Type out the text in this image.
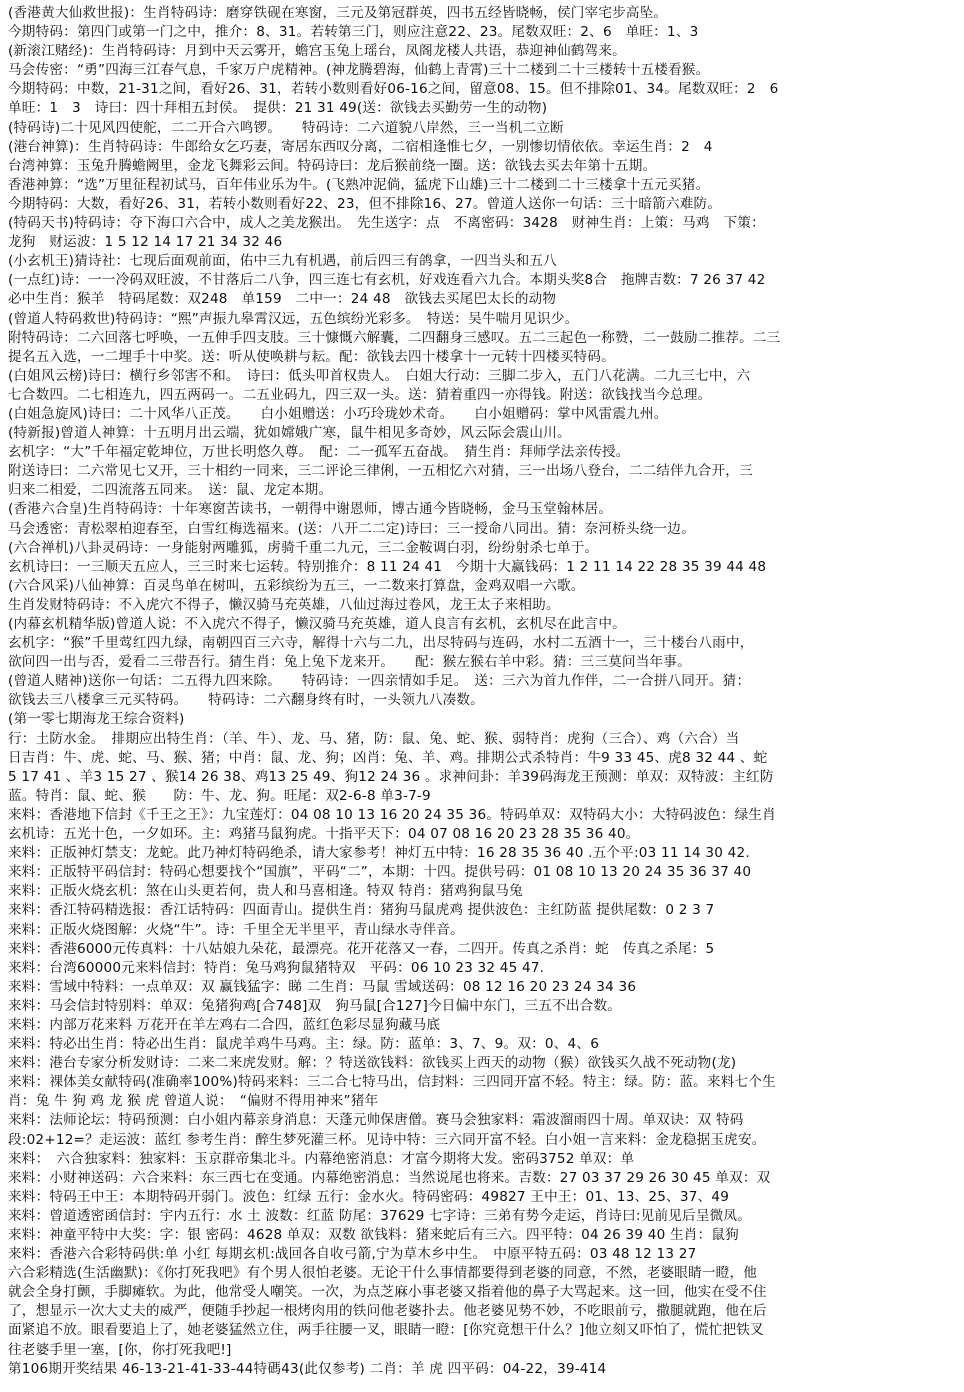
(香港黄大仙救世报)：生肖特码诗：磨穿铁砚在寒窗，三元及第冠群英，四书五经皆晓畅，侯门宰宅步高坠。
今期特码：第四门或第一门之中，推介：8、31。若转第三门，则应注意22、23。尾数双旺：2、6　单旺：1、3
(新滚江赌经)：生肖特码诗：月到中天云雾开，蟾宫玉兔上瑶台，凤阁龙楼人共语，恭迎神仙鹤驾来。
马会传密：“勇”四海三江春气息，千家万户虎精神。(神龙腾碧海，仙鹤上青霄)三十二楼到二十三楼转十五楼看猴。
今期特码：中数，21-31之间，看好26、31，若转小数则看好06-16之间，留意08、15。但不排除01、34。尾数双旺：2　6
单旺：1　3　诗曰：四十拜相五封侯。　提供：21 31 49(送：欲钱去买勤劳一生的动物)
(特码诗)二十见风四使舵，二二开合六鸣锣。　　特码诗：二六道貌八岸然，三一当机二立断
(港台神算)：生肖特码诗：牛郎给女乞巧妻，寄居东西叹分离，二宿相逢惟七夕，一别惨切情依依。幸运生肖：2　4
台湾神算：玉兔升腾蟾阙里，金龙飞舞彩云间。特码诗曰：龙后猴前绕一圈。送：欲钱去买去年第十五期。
香港神算：“选”万里征程初试马，百年伟业乐为牛。(飞熟冲泥倘，猛虎下山雄)三十二楼到二十三楼拿十五元买猪。
今期特码：大数，看好26、31，若转小数则看好22、23，但不排除16、27。曾道人送你一句话：三十暗箭六难防。
(特码天书)特码诗：夺下海口六合中，成人之美龙猴出。　先生送字：点　不离密码：3428　财神生肖：上策：马鸡　下策：
龙狗　财运波：1 5 12 14 17 21 34 32 46
(小玄机王)猜诗社：七现后面观前面，佑中三九有机遇，前后四三有鸽拿，一四当头和五八
(一点红)诗：一一冷码双旺波，不甘落后二八争，四三连七有玄机，好戏连看六九合。本期头奖8合　拖牌吉数：7 26 37 42
必中生肖：猴羊　特码尾数：双248　单159　二中一：24 48　欲钱去买尾巴太长的动物
(曾道人特码救世)特码诗：“熙”声振九皋霄汉远，五色缤纷光彩多。　特送：吴牛喘月见识少。
附特码诗：二六回落七呼唤，一五伸手四支肢。三十慷慨六解囊，二四翻身三感叹。五二三起色一称赞，二一鼓励二推荐。二三
提名五入选，一二埋手十中奖。送：听从使唤耕与耘。配：欲钱去四十楼拿十一元转十四楼买特码。
(白姐风云榜)诗曰：横行乡邻害不和。　诗曰：低头叩首权贵人。　白姐大行动：三脚二步入，五门八花满。二九三七中，六
七合数四。二七相连九，四五两码一。二五业码九，四三双一头。送：猜着重四一亦得钱。附送：欲钱找当今总理。
(白姐急旋风)诗曰：二十风华八正茂。　　白小姐赠送：小巧玲珑妙术奇。　　白小姐赠码：掌中风雷震九州。
(特新报)曾道人神算：十五明月出云端，犹如嫦娥广寒，鼠牛相见多奇妙，风云际会震山川。
玄机字：“大”千年福定乾坤位，万世长明悠久尊。　配：二一孤军五奋战。　猜生肖：拜师学法亲传授。
附送诗曰：二六常见七又开，三十相约一同来，三二评论三律俐，一五相忆六对猜，三一出场八登台，二二结伴九合开，三
归来二相爱，二四流落五同来。　送：鼠、龙定本期。
(香港六合皇)生肖特码诗：十年寒窗苦读书，一朝得中谢恩师，博古通今皆晓畅，金马玉堂翰林居。
马会透密：青松翠柏迎春至，白雪红梅选福来。(送：八开二二定)诗曰：三一授命八同出。猜：奈河桥头绕一边。
(六合禅机)八卦灵码诗：一身能射两雕狐，虏骑千重二九元，三二金鞍调白羽，纷纷射杀七单于。
玄机诗曰：一三顺天五应人，三三时来七运转。特别推介：8 11 24 41　今期十大赢钱码：1 2 11 14 22 28 35 39 44 48
(六合风采)八仙神算：百灵鸟单在树叫，五彩缤纷为五三，一二数来打算盘，金鸡双唱一六歌。
生肖发财特码诗：不入虎穴不得子，懒汉骑马充英雄，八仙过海过卷风，龙王太子来相助。
(内幕玄机精华版)曾道人说：不入虎穴不得子，懒汉骑马充英雄，道人良言有玄机，玄机尽在此言中。
玄机字：“猴”千里莺红四九绿，南朝四百三六寺，解得十六与二九，出尽特码与连码，水村二五酒十一，三十楼台八雨中，
欲问四一出与否，爱看二三带吾行。猜生肖：兔上兔下龙来开。　　配：猴左猴右羊中彩。猜：三三莫问当年事。
(曾道人赌神)送你一句话：二五得九四来除。　　特码诗：一四亲情如手足。　送：三六为首九作伴，二一合拼八同开。猜：
欲钱去三八楼拿三元买特码。　　特码诗：二六翻身终有时，一头领九八凑数。
(第一零七期海龙王综合资料)
行：土防水金。　排期应出特生肖：（羊、牛）、龙、马、猪，防：鼠、兔、蛇、猴、弱特肖：虎狗（三合）、鸡（六合）当
日吉肖：牛、虎、蛇、马、猴、猪；中肖：鼠、龙、狗；凶肖：兔、羊、鸡。排期公式杀特肖：牛9 33 45、虎8 32 44 、蛇
5 17 41 、羊3 15 27 、猴14 26 38、鸡13 25 49、狗12 24 36 。求神问卦：羊39码海龙王预测：单双：双特波：主红防
蓝。特肖：鼠、蛇、猴　　防：牛、龙、狗。旺尾：双2-6-8 单3-7-9
来料：香港地下信封《千王之王》：九宝莲灯：04 08 10 13 16 20 24 35 36。特码单双：双特码大小：大特码波色：绿生肖
玄机诗：五光十色，一夕如环。主：鸡猪马鼠狗虎。十指平天下：04 07 08 16 20 23 28 35 36 40。
来料：正版神灯禁支：龙蛇。此乃神灯特码绝杀，请大家参考！神灯五中特：16 28 35 36 40 .五个平:03 11 14 30 42.
来料：正版特平码信封：特码心想要找个“国旗”，平码“二”，本期：十四。提供号码：01 08 10 13 20 24 35 36 37 40
来料：正版火烧玄机：煞在山头更若何，贵人和马喜相逢。特双 特肖：猪鸡狗鼠马兔
来料：香江特码精选报：香江话特码：四面青山。提供生肖：猪狗马鼠虎鸡 提供波色：主红防蓝 提供尾数：0 2 3 7
来料：正版火烧图解：火烧“牛”。诗：千里全无半里平，青山绿水寺伴音。
来料：香港6000元传真料：十八姑娘九朵花，最漂亮。花开花落又一春，二四开。传真之杀肖：蛇　传真之杀尾：5
来料：台湾60000元来料信封：特肖：兔马鸡狗鼠猪特双　平码：06 10 23 32 45 47.
来料：雪域中特料：一点单双：双 赢钱猛字：睇 二生肖：马鼠 雪域送码：08 12 16 20 23 24 34 36
来料：马会信封特别料：单双：兔猪狗鸡[合748]双　狗马鼠[合127]今日偏中东门，三五不出合数。
来料：内部万花来料 万花开在羊左鸡右二合四，蓝红色彩尽显狗藏马底
来料：特必出生肖：特必出生肖：鼠虎羊鸡牛马鸡。主：绿。防：蓝单：3、7、9。双：0、4、6
来料：港台专家分析发财诗：二来二来虎发财。解：？特送欲钱料：欲钱买上西天的动物（猴）欲钱买久战不死动物(龙)
来料：裸体美女献特码(准确率100%)特码来料：三二合七特马出，信封料：三四同开富不轻。特主：绿。防：蓝。来料七个生
肖：兔 牛 狗 鸡 龙 猴 虎 曾道人说：　“偏财不得用神来”猪年
来料：法师论坛：特码预测：白小姐内幕亲身消息：天蓬元帅保唐僧。赛马会独家料：霜波溜雨四十周。单双诀：双 特码
段:02+12=？走运波：蓝红 参考生肖：醉生梦死灌三杯。见诗中特：三六同开富不轻。白小姐一言来料：金龙稳据玉虎安。
来料：　六合独家料：独家料：玉京群帝集北斗。内幕绝密消息：才富今期将大发。密码3752 单双：单
来料：小财神送码：六合来料：东三西七在变通。内幕绝密消息：当然说尾也将来。吉数：27 03 37 29 26 30 45 单双：双
来料：特码王中王：本期特码开弱门。波色：红绿 五行：金水火。特码密码：49827 王中王：01、13、25、37、49
来料：曾道透密函信封：宇内五行：水 土 波数：红蓝 防尾：37629 七字诗：三弟有势今走运，肖诗曰:见前见后呈微凤。
来料：神童平特中大奖：字：银 密码：4628 单双：双数 欲钱料：猪来蛇后有三六。四平特：04 26 39 40 生肖：鼠狗
来料：香港六合彩特码供:单 小红 每期玄机:战回各自收弓箭,宁为草木乡中生。　中原平特五码：03 48 12 13 27
六合彩精选(生活幽默)：《你打死我吧》有个男人很怕老婆。无论干什么事情都要得到老婆的同意，不然，老婆眼睛一瞪，他
就会全身打颤，手脚瘫软。为此，他常受人嘲笑。一次，为点芝麻小事老婆又指着他的鼻子大骂起来。这一回，他实在受不住
了，想显示一次大丈夫的威严，便随手抄起一根烤肉用的铁问他老婆扑去。他老婆见势不妙，不吃眼前亏，撒腿就跑，他在后
面紧追不放。眼看要追上了，她老婆猛然立住，两手往腰一叉，眼睛一瞪：[你究竟想干什么？]他立刻又吓怕了，慌忙把铁叉
往老婆手里一塞，[你，你打死我吧!]
第106期开奖结果 46-13-21-41-33-44特碼43(此仅参考) 二肖：羊 虎 四平码：04-22，39-414
